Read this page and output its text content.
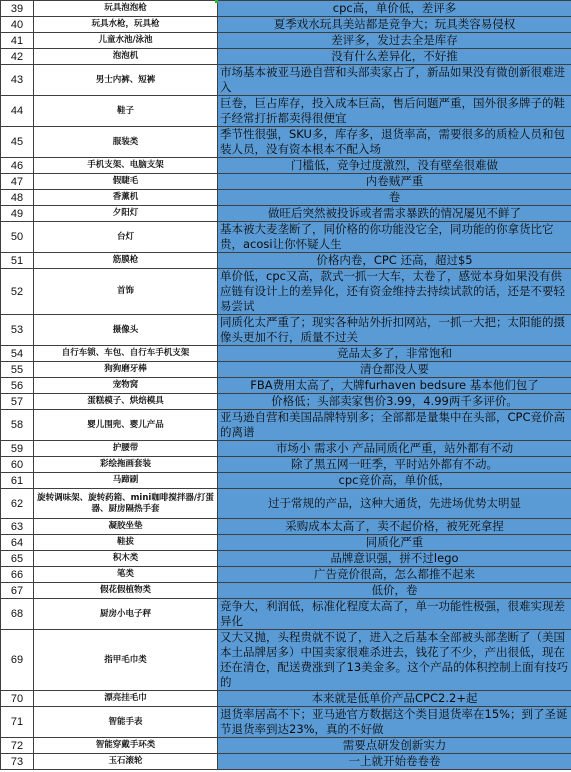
39	玩具泡泡枪	cpc高，单价低，差评多
40	玩具水枪，玩具枪	夏季戏水玩具美站都是竞争大；玩具类容易侵权
41	儿童水池/泳池	差评多，发过去全是库存
42	泡泡机	没有什么差异化，不好推
43	男士内裤、短裤	市场基本被亚马逊自营和头部卖家占了，新品如果没有微创新很难进入
44	鞋子	巨卷，巨占库存，投入成本巨高，售后问题严重，国外很多牌子的鞋子经常打折都卖得很便宜
45	服装类	季节性很强，SKU多，库存多，退货率高，需要很多的质检人员和包装人员，没有资本根本不配入场
46	手机支架、电脑支架	门槛低，竞争过度激烈，没有壁垒很难做
47	假睫毛	内卷贼严重
48	香薰机	卷
49	夕阳灯	做旺后突然被投诉或者需求暴跌的情况屡见不鲜了
50	台灯	基本被大麦垄断了，同价格的你功能没它全，同功能的你拿货比它贵，acosi让你怀疑人生
51	筋膜枪	价格内卷，CPC 还高，超过$5
52	首饰	单价低，cpc又高，款式一抓一大车，太卷了，感觉本身如果没有供应链有设计上的差异化，还有资金维持去持续试款的话，还是不要轻易尝试
53	摄像头	同质化太严重了；现实各种站外折扣网站，一抓一大把；太阳能的摄像头更加不行，质量不过关
54	自行车锁、车包、自行车手机支架	竞品太多了，非常饱和
55	狗狗磨牙棒	清仓都没人要
56	宠物窝	FBA费用太高了，大牌furhaven bedsure 基本他们包了
57	蛋糕模子、烘焙模具	价格低；头部卖家售价3.99，4.99两千多评价。
58	婴儿围兜、婴儿产品	亚马逊自营和美国品牌特别多；全部都是量集中在头部，CPC竞价高的离谱
59	护腰带	市场小 需求小 产品同质化严重，站外都有不动
60	彩绘拖画套装	除了黑五网一旺季，平时站外都有不动。
61	马蹄刷	cpc竞价高，单价低，
62	旋转调味架、旋转药箱、mini咖啡搅拌器/打蛋器、厨房隔热手套	过于常规的产品，这种大通货，先进场优势太明显
63	凝胶坐垫	采购成本太高了，卖不起价格，被死死拿捏
64	鞋拔	同质化严重
65	积木类	品牌意识强，拼不过lego
66	笔类	广告竞价很高，怎么都推不起来
67	假花假植物类	低价，卷
68	厨房小电子秤	竞争大，利润低，标准化程度太高了，单一功能性极强，很难实现差异化
69	指甲毛巾类	又大又抛，头程贵就不说了，进入之后基本全部被头部垄断了（美国本土品牌居多）中国卖家很难杀进去，钱花了不少，产出很低，现在还在清仓，配送费涨到了13美金多。这个产品的体积控制上面有技巧的
70	漂亮挂毛巾	本来就是低单价产品CPC2.2+起
71	智能手表	退货率居高不下；亚马逊官方数据这个类目退货率在15%；到了圣诞节退货率到达23%，真的不好做
72	智能穿戴手环类	需要点研发创新实力
73	玉石滚轮	一上就开始卷卷卷
